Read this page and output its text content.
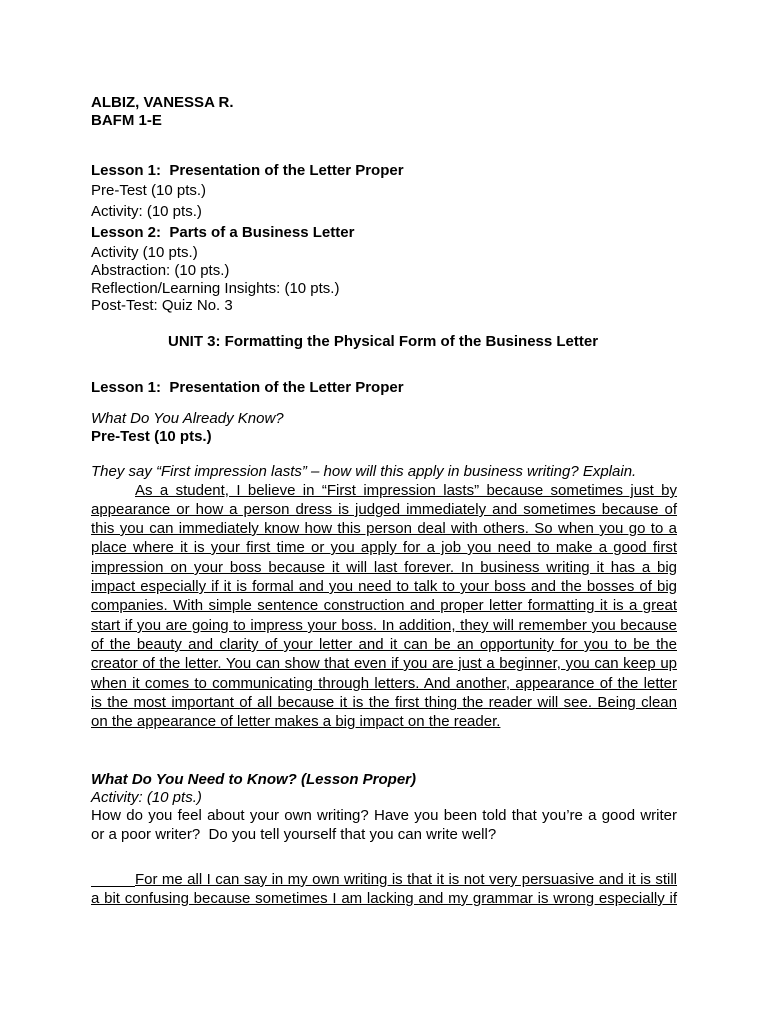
ALBIZ, VANESSA R.
BAFM 1-E
Lesson 1:  Presentation of the Letter Proper
Pre-Test (10 pts.)
Activity: (10 pts.)
Lesson 2:  Parts of a Business Letter
Activity (10 pts.)
Abstraction: (10 pts.)
Reflection/Learning Insights: (10 pts.)
Post-Test: Quiz No. 3
UNIT 3: Formatting the Physical Form of the Business Letter
Lesson 1:  Presentation of the Letter Proper
What Do You Already Know?
Pre-Test (10 pts.)
They say “First impression lasts” – how will this apply in business writing? Explain.
As a student, I believe in “First impression lasts” because sometimes just by
appearance or how a person dress is judged immediately and sometimes because of
this you can immediately know how this person deal with others. So when you go to a
place where it is your first time or you apply for a job you need to make a good first
impression on your boss because it will last forever. In business writing it has a big
impact especially if it is formal and you need to talk to your boss and the bosses of big
companies. With simple sentence construction and proper letter formatting it is a great
start if you are going to impress your boss. In addition, they will remember you because
of the beauty and clarity of your letter and it can be an opportunity for you to be the
creator of the letter. You can show that even if you are just a beginner, you can keep up
when it comes to communicating through letters. And another, appearance of the letter
is the most important of all because it is the first thing the reader will see. Being clean
on the appearance of letter makes a big impact on the reader.
What Do You Need to Know? (Lesson Proper)
Activity: (10 pts.)
How do you feel about your own writing? Have you been told that you’re a good writer
or a poor writer?  Do you tell yourself that you can write well?
For me all I can say in my own writing is that it is not very persuasive and it is still
a bit confusing because sometimes I am lacking and my grammar is wrong especially if
